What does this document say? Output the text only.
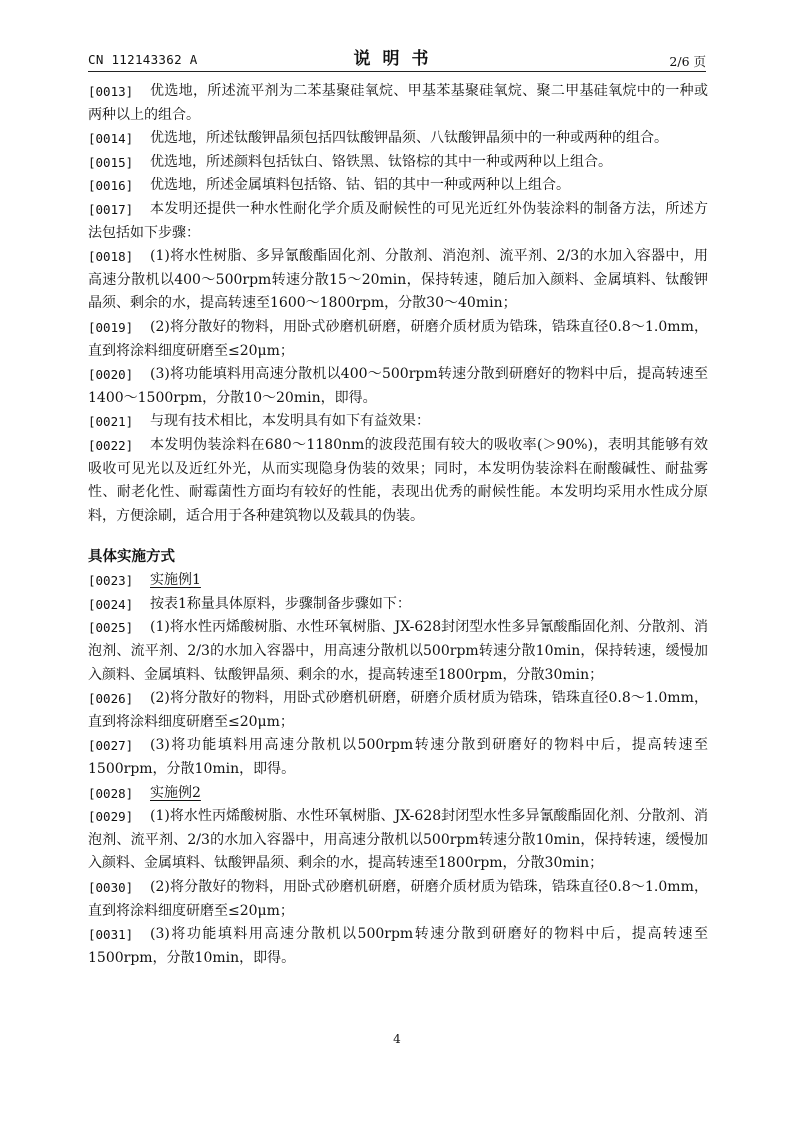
CN 112143362 A	说明书	2/6 页
[0013]	优选地，所述流平剂为二苯基聚硅氧烷、甲基苯基聚硅氧烷、聚二甲基硅氧烷中的一种或两种以上的组合。
[0014]	优选地，所述钛酸钾晶须包括四钛酸钾晶须、八钛酸钾晶须中的一种或两种的组合。
[0015]	优选地，所述颜料包括钛白、铬铁黑、钛铬棕的其中一种或两种以上组合。
[0016]	优选地，所述金属填料包括铬、钴、铝的其中一种或两种以上组合。
[0017]	本发明还提供一种水性耐化学介质及耐候性的可见光近红外伪装涂料的制备方法，所述方法包括如下步骤：
[0018]	(1)将水性树脂、多异氰酸酯固化剂、分散剂、消泡剂、流平剂、2/3的水加入容器中，用高速分散机以400～500rpm转速分散15～20min，保持转速，随后加入颜料、金属填料、钛酸钾晶须、剩余的水，提高转速至1600～1800rpm，分散30～40min；
[0019]	(2)将分散好的物料，用卧式砂磨机研磨，研磨介质材质为锆珠，锆珠直径0.8～1.0mm，直到将涂料细度研磨至≤20μm；
[0020]	(3)将功能填料用高速分散机以400～500rpm转速分散到研磨好的物料中后，提高转速至1400～1500rpm，分散10～20min，即得。
[0021]	与现有技术相比，本发明具有如下有益效果：
[0022]	本发明伪装涂料在680～1180nm的波段范围有较大的吸收率(＞90%)，表明其能够有效吸收可见光以及近红外光，从而实现隐身伪装的效果；同时，本发明伪装涂料在耐酸碱性、耐盐雾性、耐老化性、耐霉菌性方面均有较好的性能，表现出优秀的耐候性能。本发明均采用水性成分原料，方便涂刷，适合用于各种建筑物以及载具的伪装。
具体实施方式
[0023]	实施例1
[0024]	按表1称量具体原料，步骤制备步骤如下：
[0025]	(1)将水性丙烯酸树脂、水性环氧树脂、JX-628封闭型水性多异氰酸酯固化剂、分散剂、消泡剂、流平剂、2/3的水加入容器中，用高速分散机以500rpm转速分散10min，保持转速，缓慢加入颜料、金属填料、钛酸钾晶须、剩余的水，提高转速至1800rpm，分散30min；
[0026]	(2)将分散好的物料，用卧式砂磨机研磨，研磨介质材质为锆珠，锆珠直径0.8～1.0mm，直到将涂料细度研磨至≤20μm；
[0027]	(3)将功能填料用高速分散机以500rpm转速分散到研磨好的物料中后，提高转速至1500rpm，分散10min，即得。
[0028]	实施例2
[0029]	(1)将水性丙烯酸树脂、水性环氧树脂、JX-628封闭型水性多异氰酸酯固化剂、分散剂、消泡剂、流平剂、2/3的水加入容器中，用高速分散机以500rpm转速分散10min，保持转速，缓慢加入颜料、金属填料、钛酸钾晶须、剩余的水，提高转速至1800rpm，分散30min；
[0030]	(2)将分散好的物料，用卧式砂磨机研磨，研磨介质材质为锆珠，锆珠直径0.8～1.0mm，直到将涂料细度研磨至≤20μm；
[0031]	(3)将功能填料用高速分散机以500rpm转速分散到研磨好的物料中后，提高转速至1500rpm，分散10min，即得。
4
